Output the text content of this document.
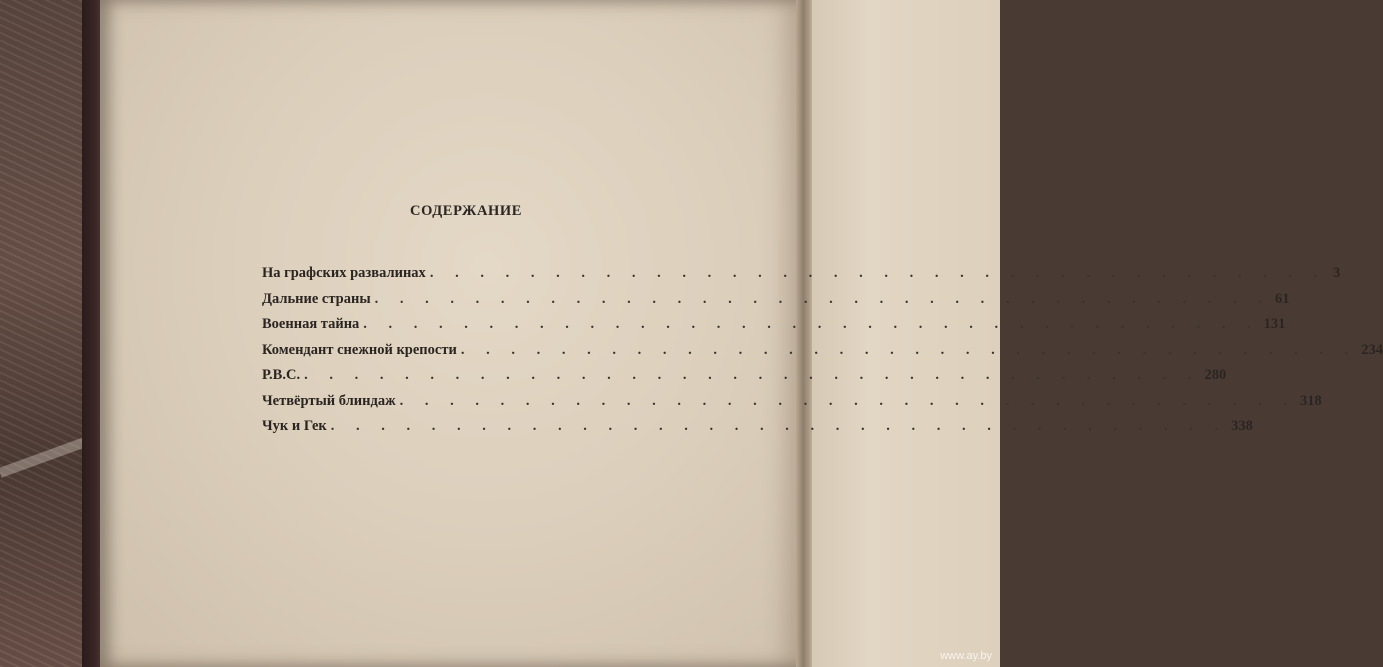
СОДЕРЖАНИЕ
На графских развалинах . . . . . . . . . . . . . . . . . . . . . . . . . . . . . . . . . . . . 3
Дальние страны . . . . . . . . . . . . . . . . . . . . . . . . . . . . . . . . . . . . 61
Военная тайна . . . . . . . . . . . . . . . . . . . . . . . . . . . . . . . . . . . . 131
Комендант снежной крепости . . . . . . . . . . . . . . . . . . . . . . . . . . . . . . . . . . . . 234
Р.В.С. . . . . . . . . . . . . . . . . . . . . . . . . . . . . . . . . . . . . 280
Четвёртый блиндаж . . . . . . . . . . . . . . . . . . . . . . . . . . . . . . . . . . . . 318
Чук и Гек . . . . . . . . . . . . . . . . . . . . . . . . . . . . . . . . . . . . 338
www.ay.by
